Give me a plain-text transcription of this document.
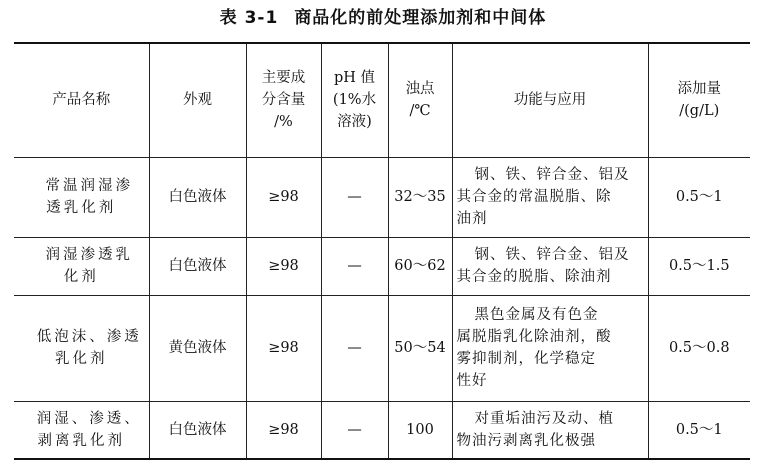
表 3-1 商品化的前处理添加剂和中间体
产品名称	外观	主要成
分含量
/%	pH 值
(1%水
溶液)	浊点
/℃	功能与应用	添加量
/(g/L)

常温润湿渗
透乳化剂	白色液体	≥98	—	32～35	钢、铁、锌合金、铝及
其合金的常温脱脂、除
油剂	0.5～1

润湿渗透乳
化剂	白色液体	≥98	—	60～62	钢、铁、锌合金、铝及
其合金的脱脂、除油剂	0.5～1.5

低泡沫、渗透
乳化剂	黄色液体	≥98	—	50～54	黑色金属及有色金
属脱脂乳化除油剂，酸
雾抑制剂，化学稳定
性好	0.5～0.8

润湿、渗透、
剥离乳化剂	白色液体	≥98	—	100	对重垢油污及动、植
物油污剥离乳化极强	0.5～1
